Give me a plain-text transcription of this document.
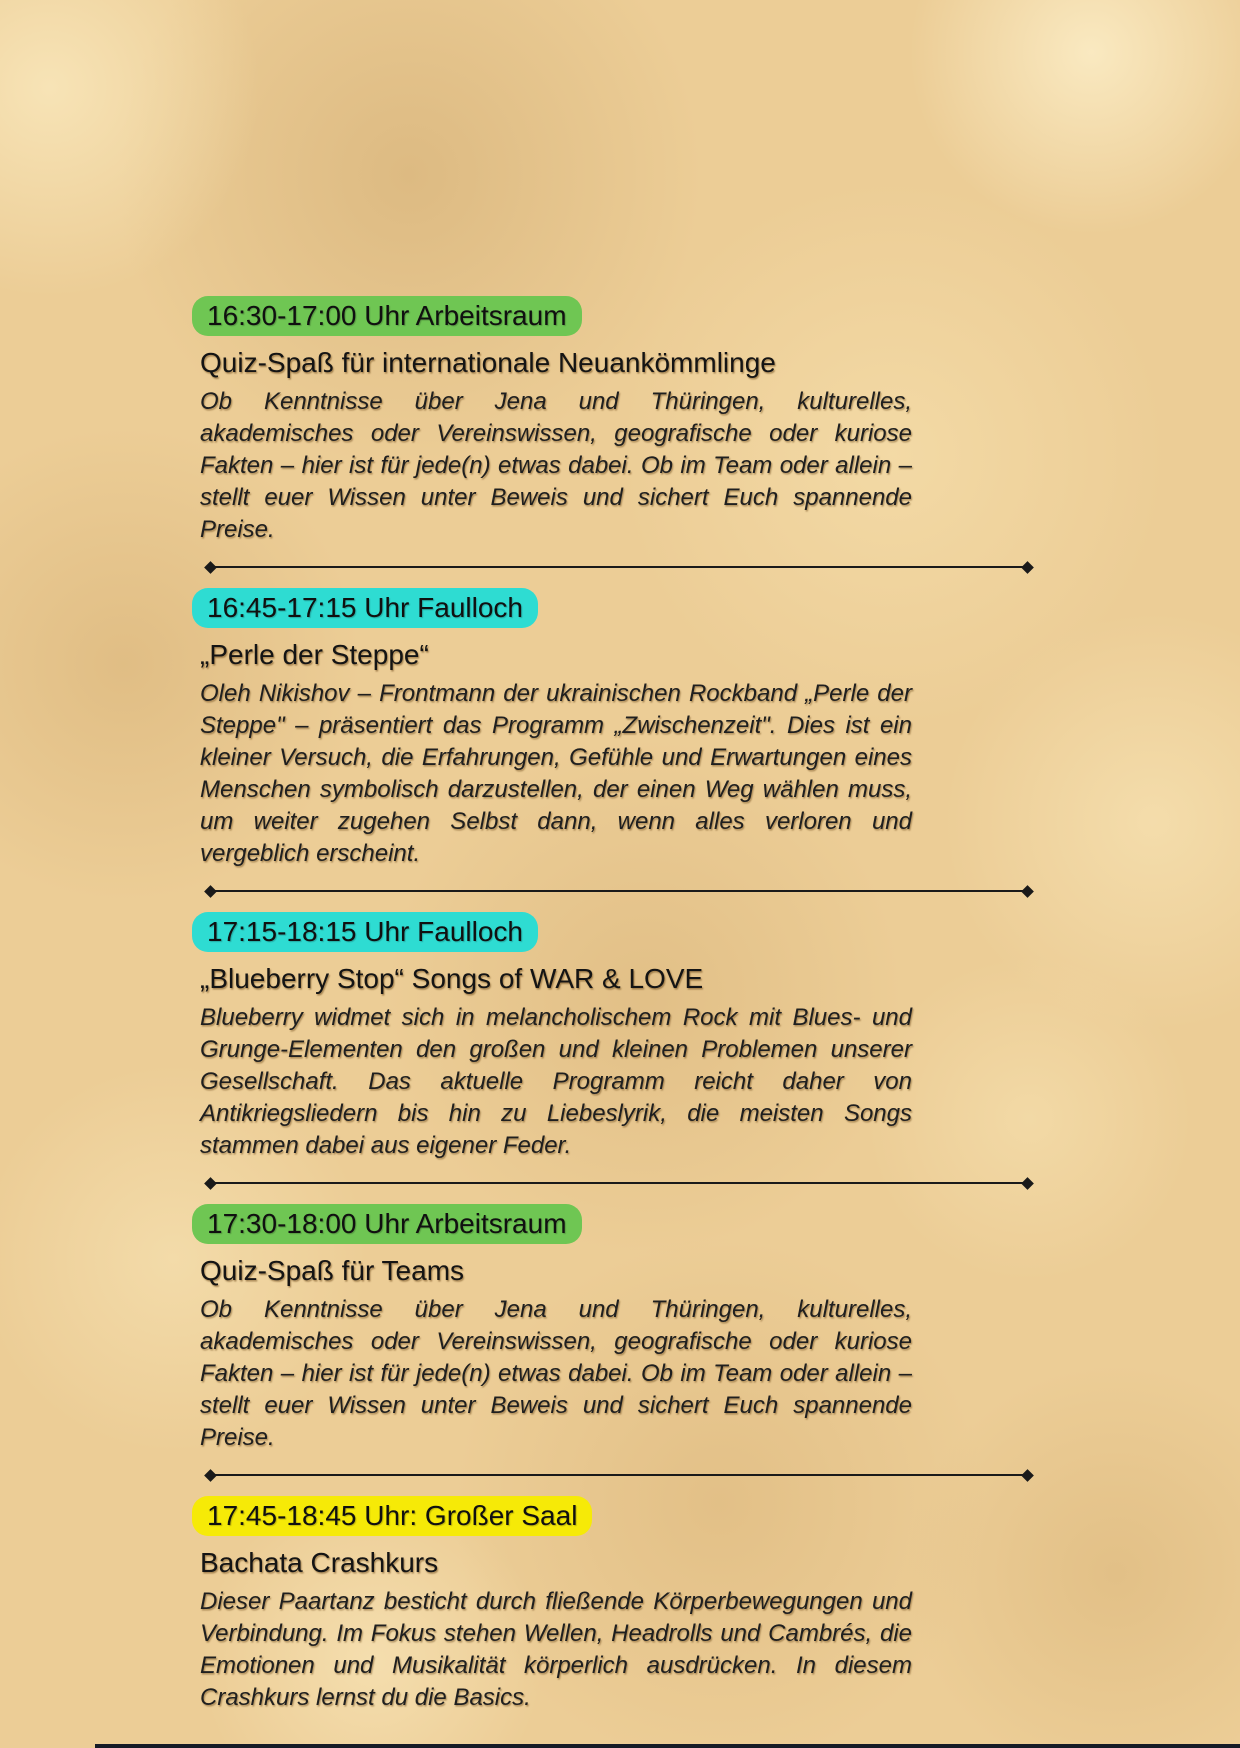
16:30-17:00 Uhr Arbeitsraum
Quiz-Spaß für internationale Neuankömmlinge

Ob Kenntnisse über Jena und Thüringen, kulturelles, akademisches oder Vereinswissen, geografische oder kuriose Fakten – hier ist für jede(n) etwas dabei. Ob im Team oder allein – stellt euer Wissen unter Beweis und sichert Euch spannende Preise.

16:45-17:15 Uhr Faulloch
„Perle der Steppe“

Oleh Nikishov – Frontmann der ukrainischen Rockband „Perle der Steppe" – präsentiert das Programm „Zwischenzeit". Dies ist ein kleiner Versuch, die Erfahrungen, Gefühle und Erwartungen eines Menschen symbolisch darzustellen, der einen Weg wählen muss, um weiter zugehen Selbst dann, wenn alles verloren und vergeblich erscheint.

17:15-18:15 Uhr Faulloch
„Blueberry Stop“ Songs of WAR & LOVE

Blueberry widmet sich in melancholischem Rock mit Blues- und Grunge-Elementen den großen und kleinen Problemen unserer Gesellschaft. Das aktuelle Programm reicht daher von Antikriegsliedern bis hin zu Liebeslyrik, die meisten Songs stammen dabei aus eigener Feder.

17:30-18:00 Uhr Arbeitsraum
Quiz-Spaß für Teams

Ob Kenntnisse über Jena und Thüringen, kulturelles, akademisches oder Vereinswissen, geografische oder kuriose Fakten – hier ist für jede(n) etwas dabei. Ob im Team oder allein – stellt euer Wissen unter Beweis und sichert Euch spannende Preise.

17:45-18:45 Uhr: Großer Saal
Bachata Crashkurs

Dieser Paartanz besticht durch fließende Körperbewegungen und Verbindung. Im Fokus stehen Wellen, Headrolls und Cambrés, die Emotionen und Musikalität körperlich ausdrücken. In diesem Crashkurs lernst du die Basics.
